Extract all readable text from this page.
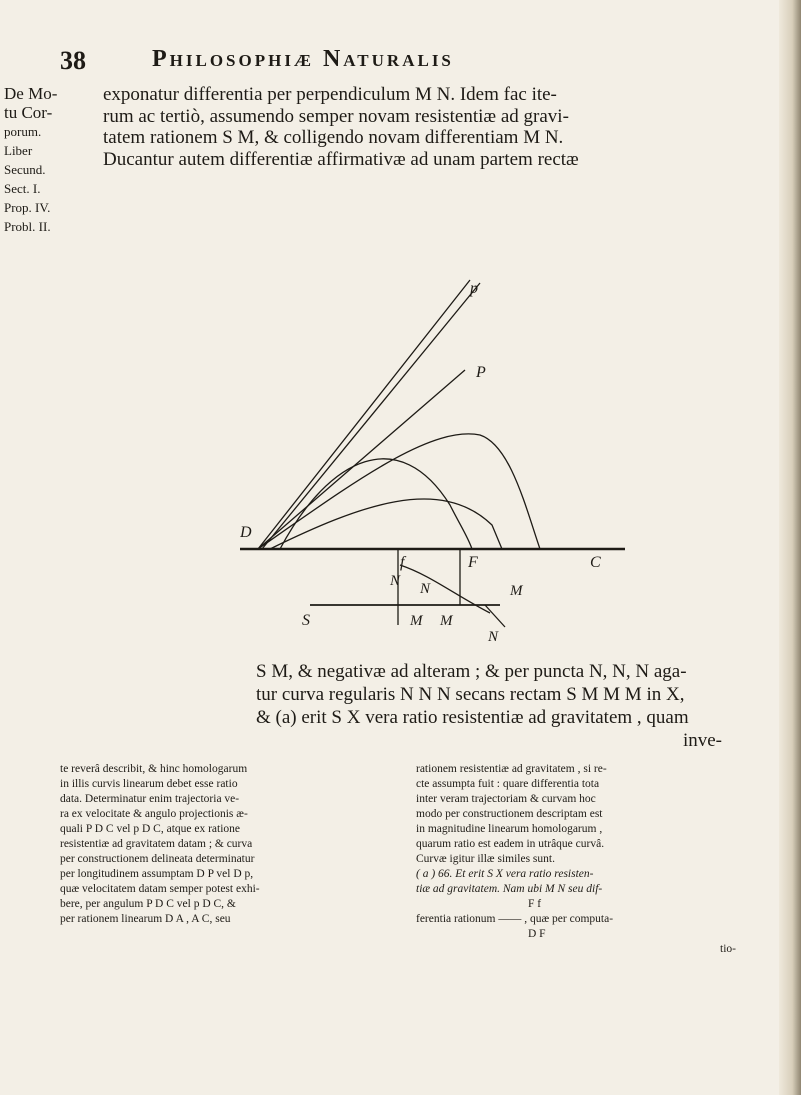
38	Philosophiæ Naturalis
De Mo-
tu Cor-
porum.
Liber
Secund.
Sect. I.
Prop. IV.
Probl. II.
exponatur differentia per perpendiculum M N. Idem fac ite-
rum ac tertiò, assumendo semper novam resistentiæ ad gravi-
tatem rationem S M, & colligendo novam differentiam M N.
Ducantur autem differentiæ affirmativæ ad unam partem rectæ
p
P
D
f	F	C
N N	M
S	M M
N
S M, & negativæ ad alteram ; & per puncta N, N, N aga-
tur curva regularis N N N secans rectam S M M M in X,
& (a) erit S X vera ratio resistentiæ ad gravitatem , quam
inve-
te reverâ describit, & hinc homologarum
in illis curvis linearum debet esse ratio
data. Determinatur enim trajectoria ve-
ra ex velocitate & angulo projectionis æ-
quali P D C vel p D C, atque ex ratione
resistentiæ ad gravitatem datam ; & curva
per constructionem delineata determinatur
per longitudinem assumptam D P vel D p,
quæ velocitatem datam semper potest exhi-
bere, per angulum P D C vel p D C, &
per rationem linearum D A , A C, seu
rationem resistentiæ ad gravitatem , si re-
cte assumpta fuit : quare differentia tota
inter veram trajectoriam & curvam hoc
modo per constructionem descriptam est
in magnitudine linearum homologarum ,
quarum ratio est eadem in utrâque curvâ.
Curvæ igitur illæ similes sunt.
( a ) 66. Et erit S X vera ratio resisten-
tiæ ad gravitatem. Nam ubi M N seu dif-
F f
ferentia rationum —— , quæ per computa-
D F
tio-
